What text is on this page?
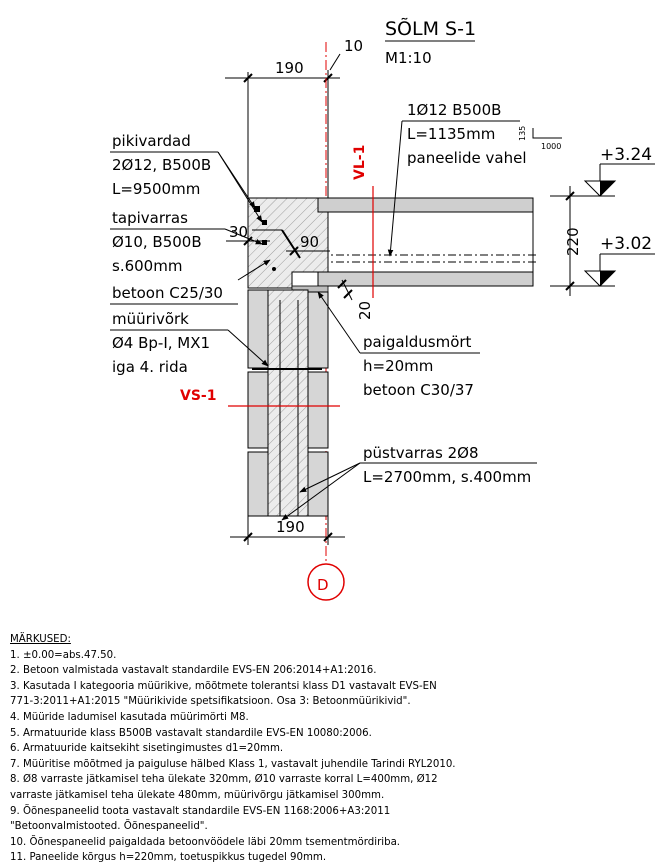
SÕLM S-1
M1:10
190
10
D
190
30
90
20
VL-1
VS-1
220
+3.24
+3.02
135
1000
pikivardad
2Ø12, B500B
L=9500mm
tapivarras
Ø10, B500B
s.600mm
betoon C25/30
müürivõrk
Ø4 Bp-I, MX1
iga 4. rida
1Ø12 B500B
L=1135mm
paneelide vahel
paigaldusmört
h=20mm
betoon C30/37
püstvarras 2Ø8
L=2700mm, s.400mm
MÄRKUSED:
1. ±0.00=abs.47.50.
2. Betoon valmistada vastavalt standardile EVS-EN 206:2014+A1:2016.
3. Kasutada I kategooria müürikive, mõõtmete tolerantsi klass D1 vastavalt EVS-EN
771-3:2011+A1:2015 "Müürikivide spetsifikatsioon. Osa 3: Betoonmüürikivid".
4. Müüride ladumisel kasutada müürimörti M8.
5. Armatuuride klass B500B vastavalt standardile EVS-EN 10080:2006.
6. Armatuuride kaitsekiht sisetingimustes d1=20mm.
7. Müüritise mõõtmed ja paiguluse hälbed Klass 1, vastavalt juhendile Tarindi RYL2010.
8. Ø8 varraste jätkamisel teha ülekate 320mm, Ø10 varraste korral L=400mm, Ø12
varraste jätkamisel teha ülekate 480mm, müürivõrgu jätkamisel 300mm.
9. Õõnespaneelid toota vastavalt standardile EVS-EN 1168:2006+A3:2011
"Betoonvalmistooted. Õõnespaneelid".
10. Õõnespaneelid paigaldada betoonvöödele läbi 20mm tsementmördiriba.
11. Paneelide kõrgus h=220mm, toetuspikkus tugedel 90mm.
